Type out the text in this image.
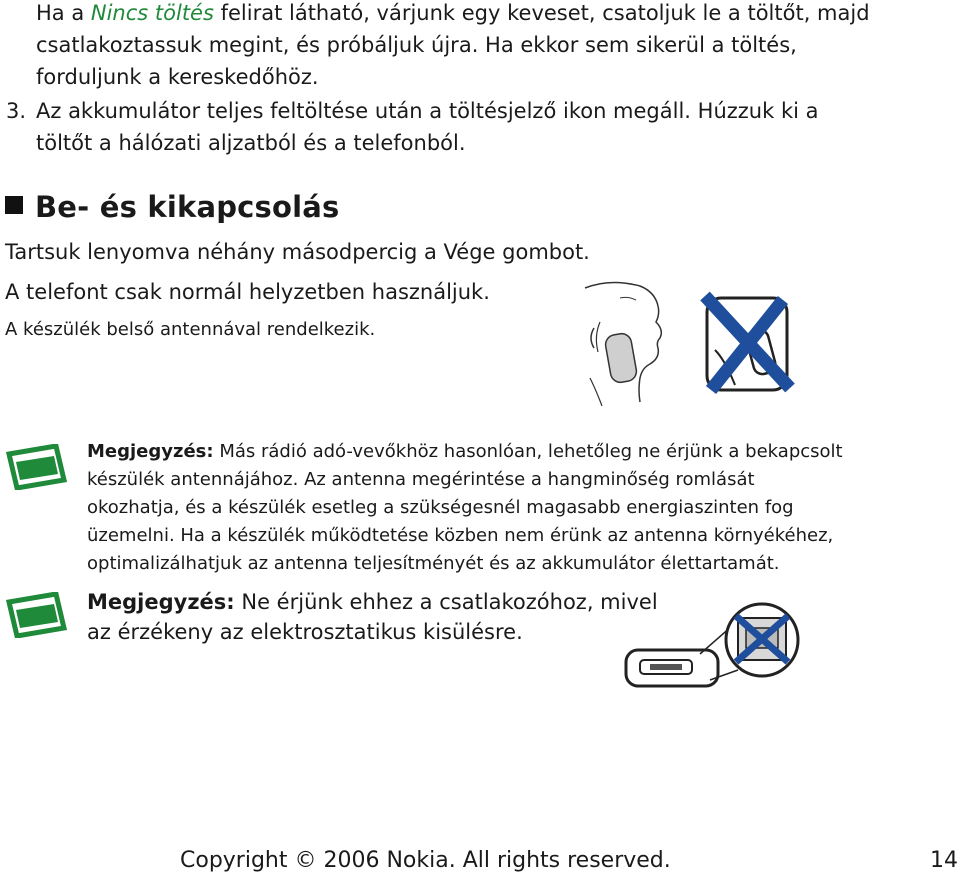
Ha a Nincs töltés felirat látható, várjunk egy keveset, csatoljuk le a töltőt, majd
csatlakoztassuk megint, és próbáljuk újra. Ha ekkor sem sikerül a töltés,
forduljunk a kereskedőhöz.
3. Az akkumulátor teljes feltöltése után a töltésjelző ikon megáll. Húzzuk ki a
töltőt a hálózati aljzatból és a telefonból.
Be- és kikapcsolás
Tartsuk lenyomva néhány másodpercig a Vége gombot.
A telefont csak normál helyzetben használjuk.
A készülék belső antennával rendelkezik.
Megjegyzés: Más rádió adó-vevőkhöz hasonlóan, lehetőleg ne érjünk a bekapcsolt
készülék antennájához. Az antenna megérintése a hangminőség romlását
okozhatja, és a készülék esetleg a szükségesnél magasabb energiaszinten fog
üzemelni. Ha a készülék működtetése közben nem érünk az antenna környékéhez,
optimalizálhatjuk az antenna teljesítményét és az akkumulátor élettartamát.
Megjegyzés: Ne érjünk ehhez a csatlakozóhoz, mivel
az érzékeny az elektrosztatikus kisülésre.
Copyright © 2006 Nokia. All rights reserved.	14
